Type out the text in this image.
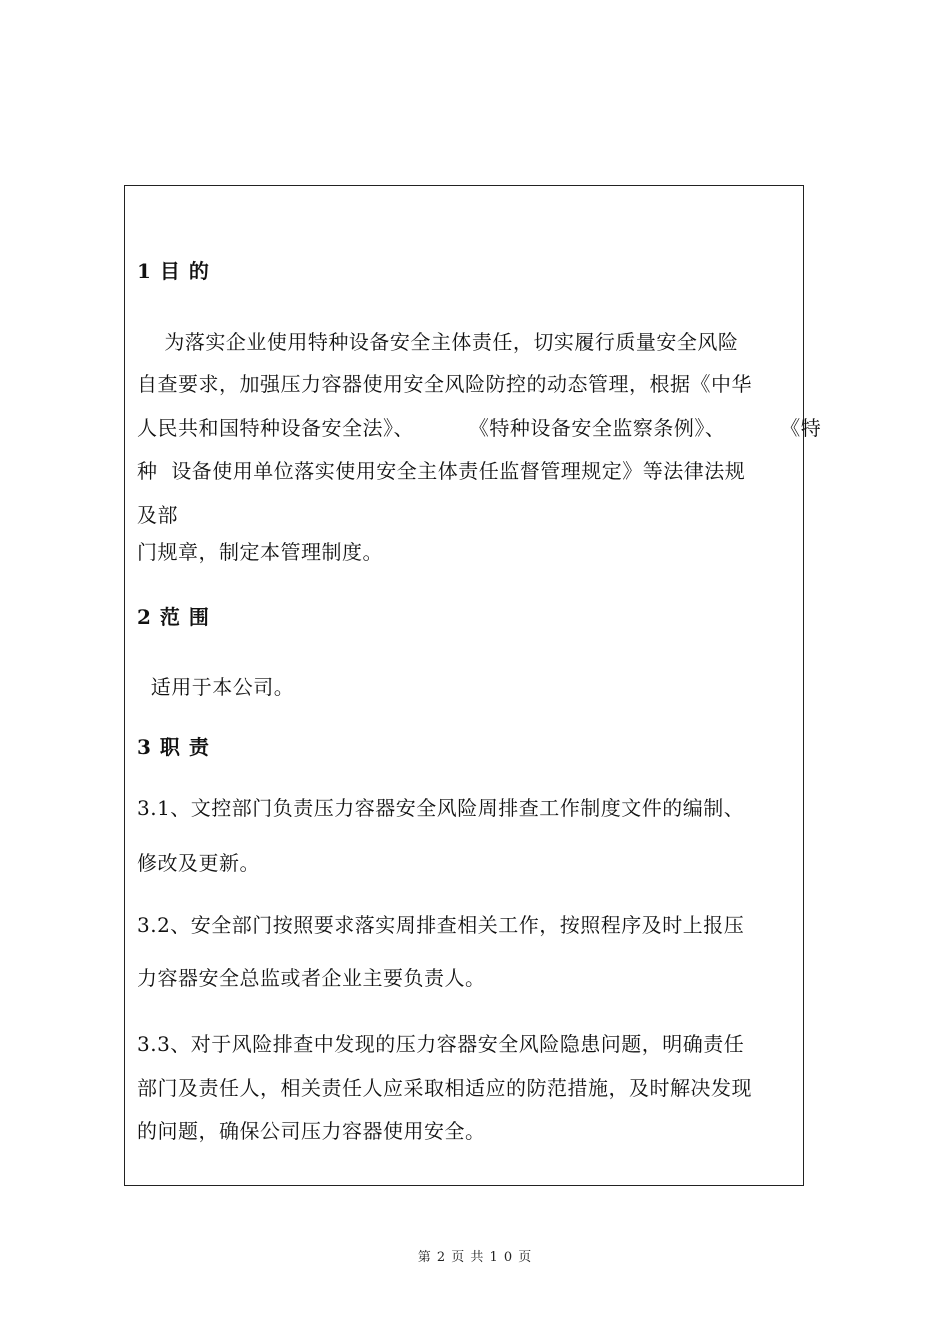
1 目 的
为落实企业使用特种设备安全主体责任，切实履行质量安全风险
自查要求，加强压力容器使用安全风险防控的动态管理，根据《中华
人民共和国特种设备安全法》、        《特种设备安全监察条例》、        《特
种  设备使用单位落实使用安全主体责任监督管理规定》等法律法规
及部
门规章，制定本管理制度。
2 范 围
适用于本公司。
3 职 责
3.1、文控部门负责压力容器安全风险周排查工作制度文件的编制、
修改及更新。
3.2、安全部门按照要求落实周排查相关工作，按照程序及时上报压
力容器安全总监或者企业主要负责人。
3.3、对于风险排查中发现的压力容器安全风险隐患问题，明确责任
部门及责任人，相关责任人应采取相适应的防范措施，及时解决发现
的问题，确保公司压力容器使用安全。
第 2 页 共 1 0 页
